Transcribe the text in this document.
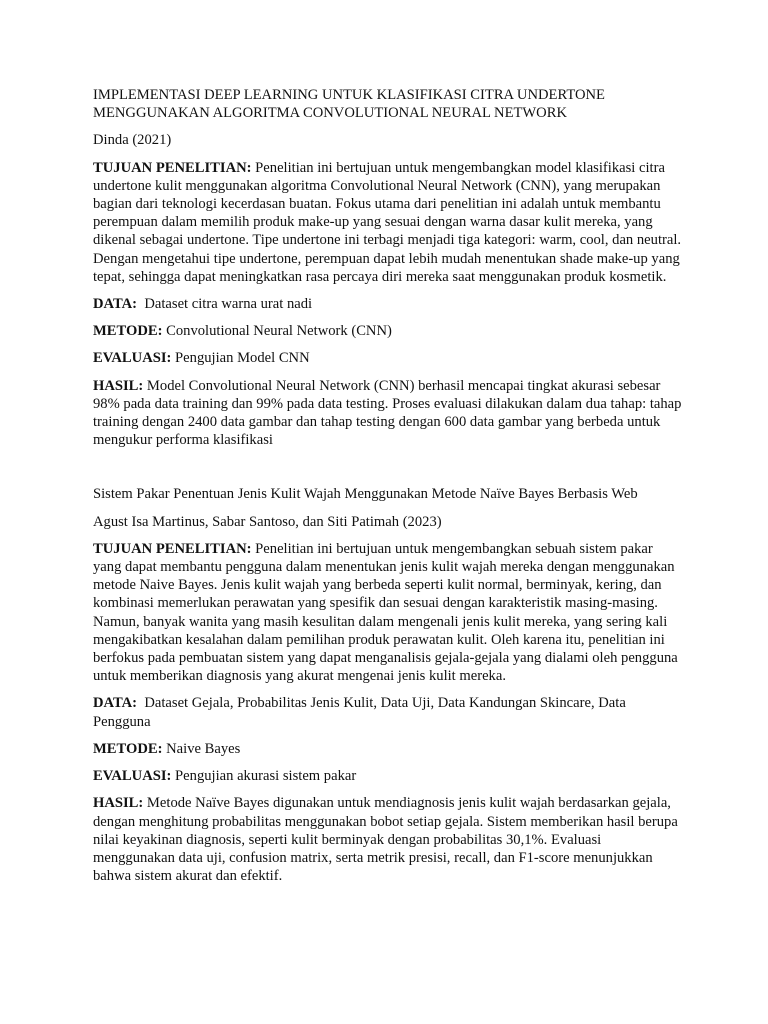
IMPLEMENTASI DEEP LEARNING UNTUK KLASIFIKASI CITRA UNDERTONE MENGGUNAKAN ALGORITMA CONVOLUTIONAL NEURAL NETWORK

Dinda (2021)

TUJUAN PENELITIAN: Penelitian ini bertujuan untuk mengembangkan model klasifikasi citra undertone kulit menggunakan algoritma Convolutional Neural Network (CNN), yang merupakan bagian dari teknologi kecerdasan buatan. Fokus utama dari penelitian ini adalah untuk membantu perempuan dalam memilih produk make-up yang sesuai dengan warna dasar kulit mereka, yang dikenal sebagai undertone. Tipe undertone ini terbagi menjadi tiga kategori: warm, cool, dan neutral. Dengan mengetahui tipe undertone, perempuan dapat lebih mudah menentukan shade make-up yang tepat, sehingga dapat meningkatkan rasa percaya diri mereka saat menggunakan produk kosmetik.

DATA:  Dataset citra warna urat nadi

METODE: Convolutional Neural Network (CNN)

EVALUASI: Pengujian Model CNN

HASIL: Model Convolutional Neural Network (CNN) berhasil mencapai tingkat akurasi sebesar 98% pada data training dan 99% pada data testing. Proses evaluasi dilakukan dalam dua tahap: tahap training dengan 2400 data gambar dan tahap testing dengan 600 data gambar yang berbeda untuk mengukur performa klasifikasi

Sistem Pakar Penentuan Jenis Kulit Wajah Menggunakan Metode Naïve Bayes Berbasis Web

Agust Isa Martinus, Sabar Santoso, dan Siti Patimah (2023)

TUJUAN PENELITIAN: Penelitian ini bertujuan untuk mengembangkan sebuah sistem pakar yang dapat membantu pengguna dalam menentukan jenis kulit wajah mereka dengan menggunakan metode Naive Bayes. Jenis kulit wajah yang berbeda seperti kulit normal, berminyak, kering, dan kombinasi memerlukan perawatan yang spesifik dan sesuai dengan karakteristik masing-masing. Namun, banyak wanita yang masih kesulitan dalam mengenali jenis kulit mereka, yang sering kali mengakibatkan kesalahan dalam pemilihan produk perawatan kulit. Oleh karena itu, penelitian ini berfokus pada pembuatan sistem yang dapat menganalisis gejala-gejala yang dialami oleh pengguna untuk memberikan diagnosis yang akurat mengenai jenis kulit mereka.

DATA:  Dataset Gejala, Probabilitas Jenis Kulit, Data Uji, Data Kandungan Skincare, Data Pengguna

METODE: Naive Bayes

EVALUASI: Pengujian akurasi sistem pakar

HASIL: Metode Naïve Bayes digunakan untuk mendiagnosis jenis kulit wajah berdasarkan gejala, dengan menghitung probabilitas menggunakan bobot setiap gejala. Sistem memberikan hasil berupa nilai keyakinan diagnosis, seperti kulit berminyak dengan probabilitas 30,1%. Evaluasi menggunakan data uji, confusion matrix, serta metrik presisi, recall, dan F1-score menunjukkan bahwa sistem akurat dan efektif.
